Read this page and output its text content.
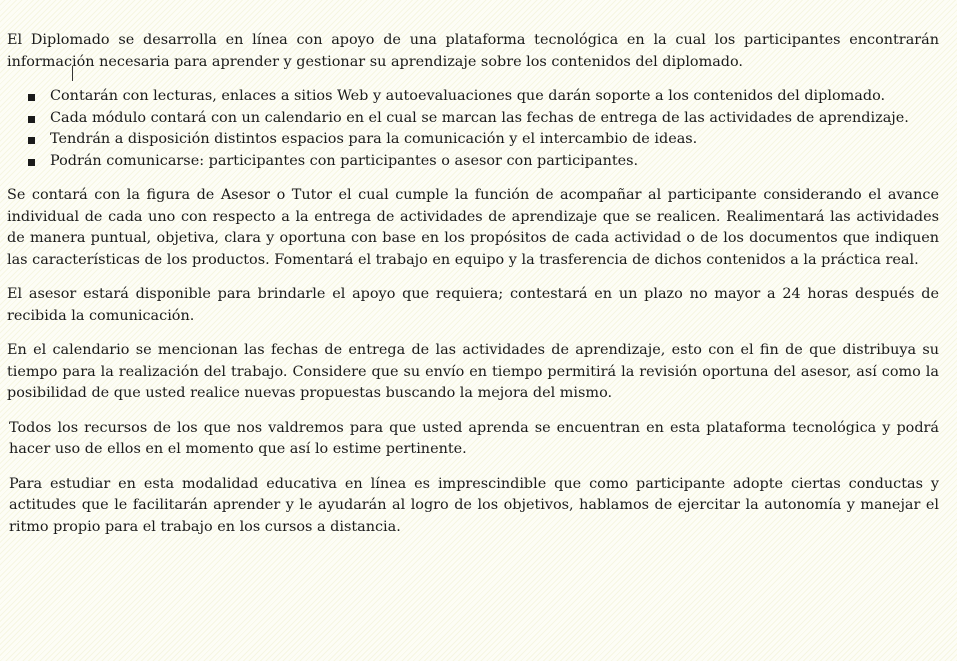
El Diplomado se desarrolla en línea con apoyo de una plataforma tecnológica en la cual los participantes encontrarán información necesaria para aprender y gestionar su aprendizaje sobre los contenidos del diplomado.

Contarán con lecturas, enlaces a sitios Web y autoevaluaciones que darán soporte a los contenidos del diplomado.
Cada módulo contará con un calendario en el cual se marcan las fechas de entrega de las actividades de aprendizaje.
Tendrán a disposición distintos espacios para la comunicación y el intercambio de ideas.
Podrán comunicarse: participantes con participantes o asesor con participantes.

Se contará con la figura de Asesor o Tutor el cual cumple la función de acompañar al participante considerando el avance individual de cada uno con respecto a la entrega de actividades de aprendizaje que se realicen. Realimentará las actividades de manera puntual, objetiva, clara y oportuna con base en los propósitos de cada actividad o de los documentos que indiquen las características de los productos. Fomentará el trabajo en equipo y la trasferencia de dichos contenidos a la práctica real.

El asesor estará disponible para brindarle el apoyo que requiera; contestará en un plazo no mayor a 24 horas después de recibida la comunicación.

En el calendario se mencionan las fechas de entrega de las actividades de aprendizaje, esto con el fin de que distribuya su tiempo para la realización del trabajo. Considere que su envío en tiempo permitirá la revisión oportuna del asesor, así como la posibilidad de que usted realice nuevas propuestas buscando la mejora del mismo.

Todos los recursos de los que nos valdremos para que usted aprenda se encuentran en esta plataforma tecnológica y podrá hacer uso de ellos en el momento que así lo estime pertinente.

Para estudiar en esta modalidad educativa en línea es imprescindible que como participante adopte ciertas conductas y actitudes que le facilitarán aprender y le ayudarán al logro de los objetivos, hablamos de ejercitar la autonomía y manejar el ritmo propio para el trabajo en los cursos a distancia.
